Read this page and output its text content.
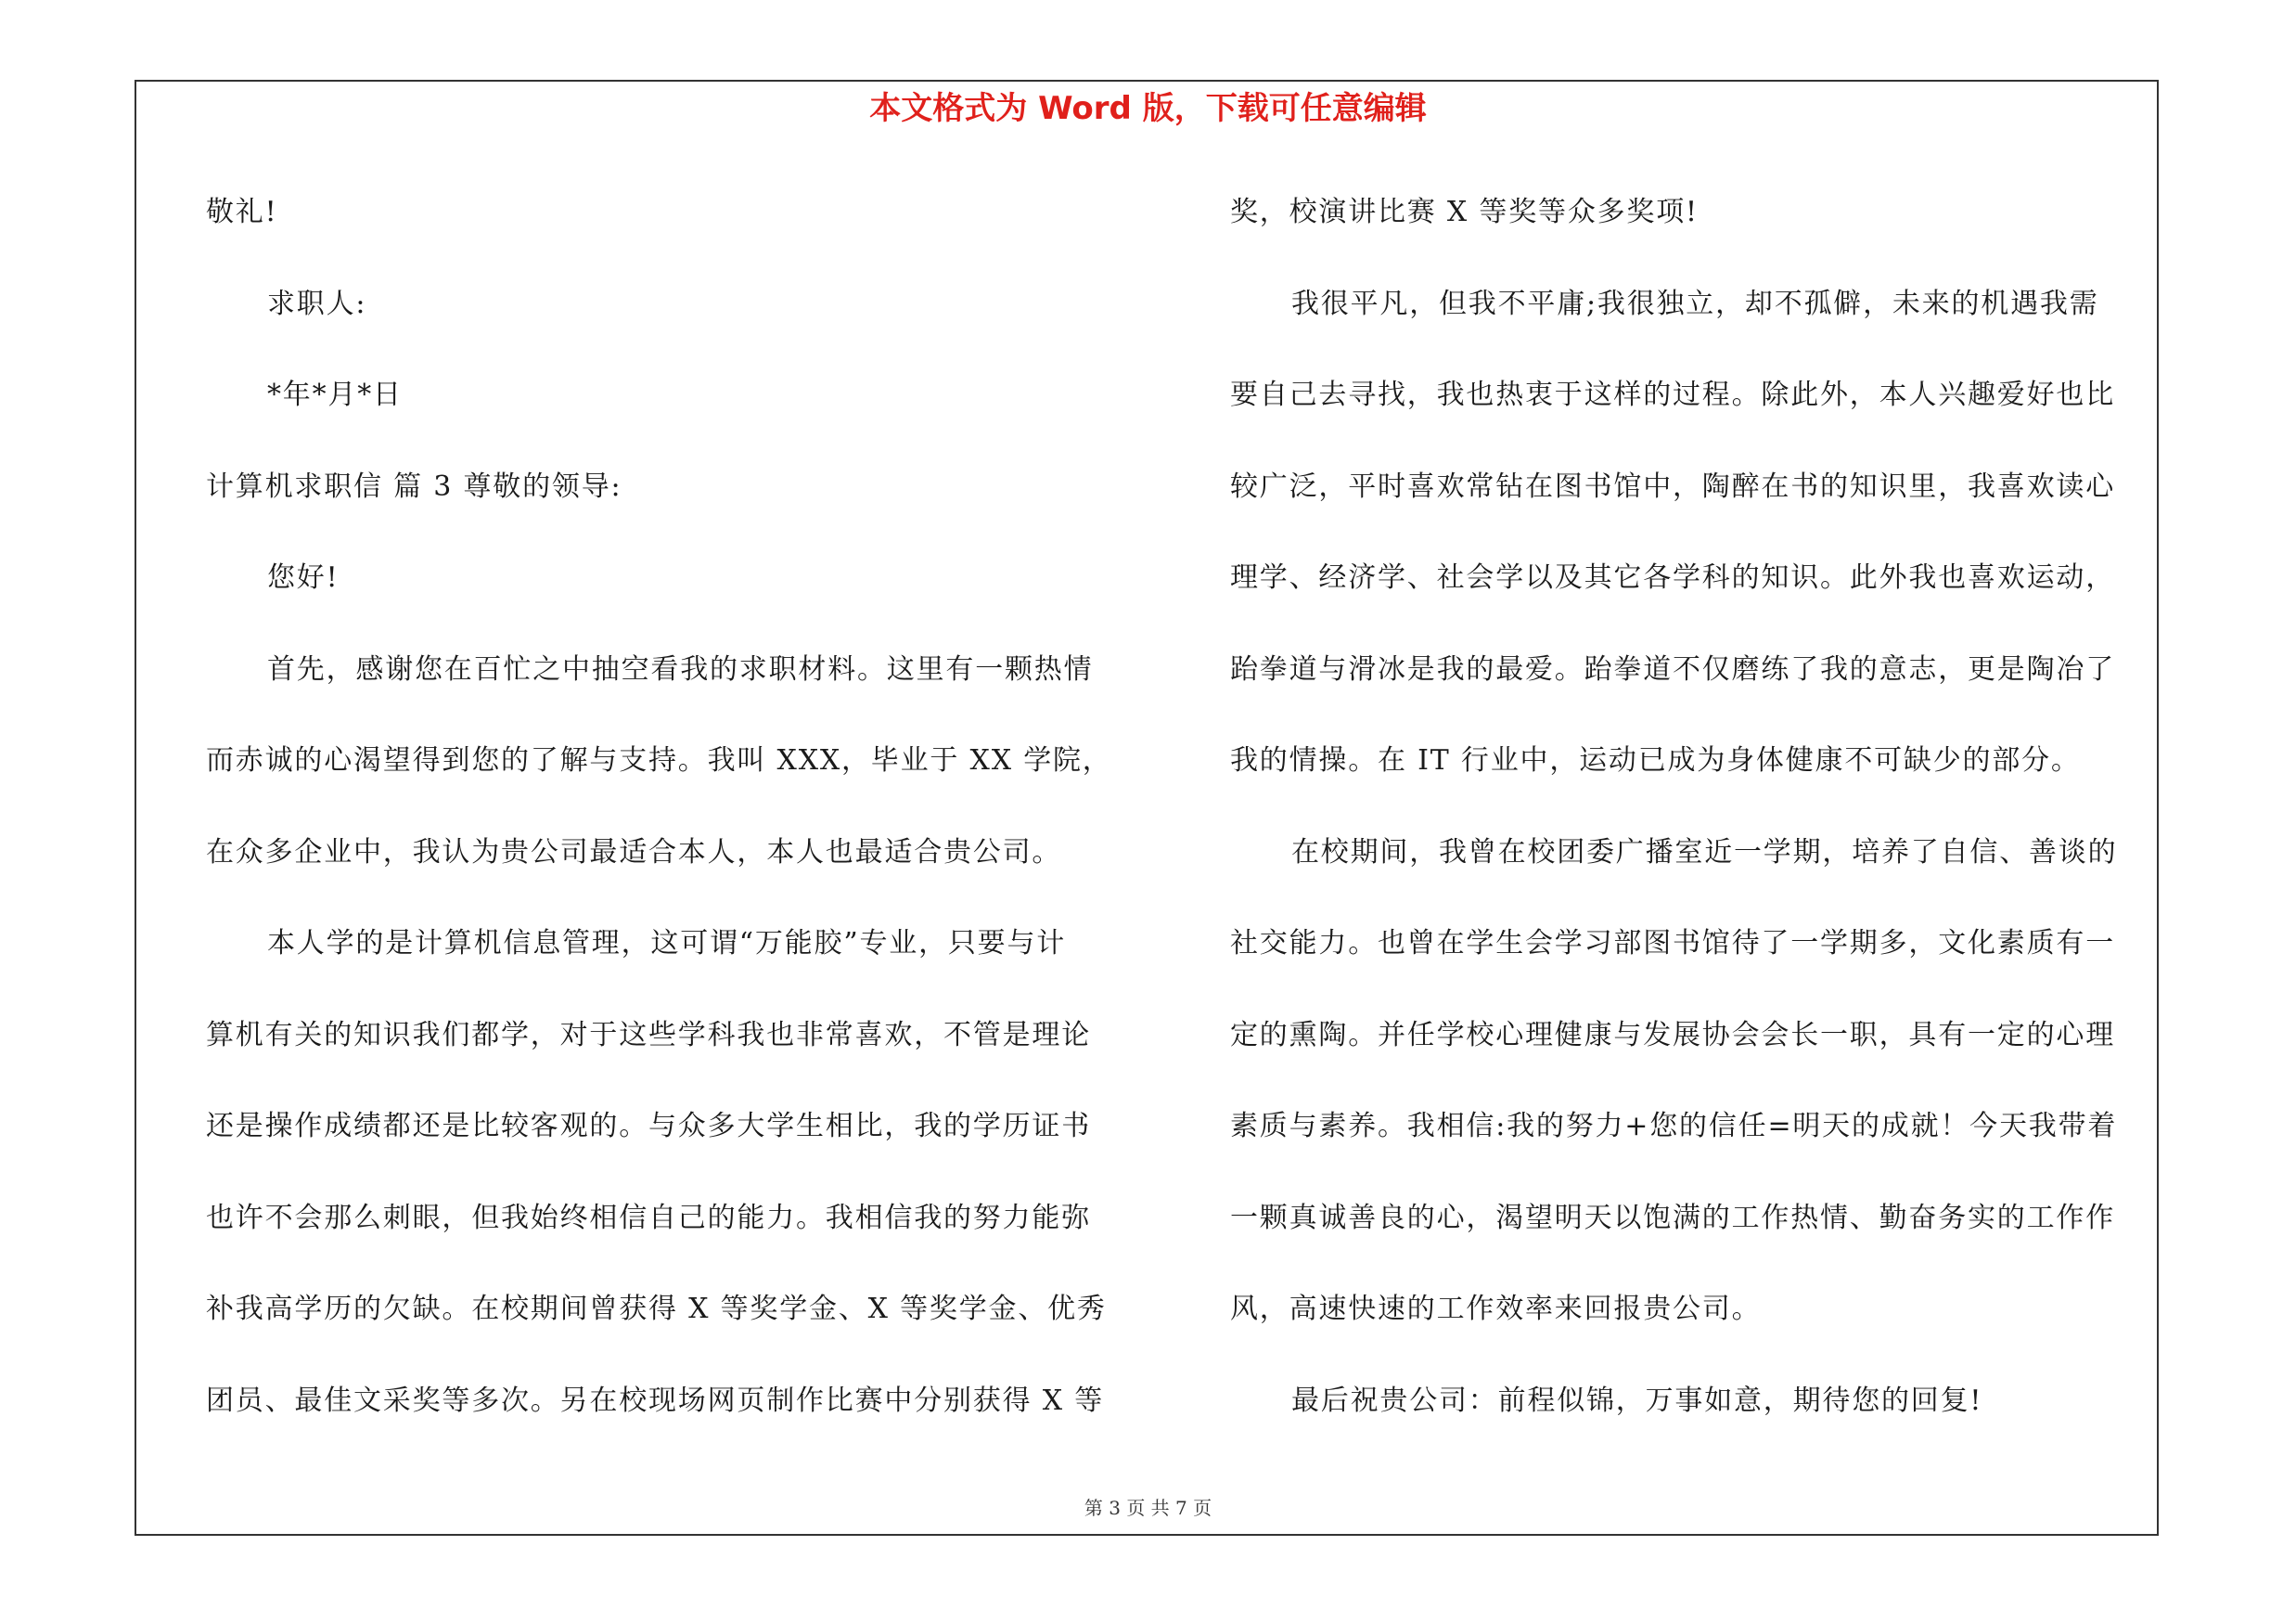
本文格式为 Word 版，下载可任意编辑

敬礼!

求职人:

*年*月*日

计算机求职信 篇 3 尊敬的领导:

您好!

首先，感谢您在百忙之中抽空看我的求职材料。这里有一颗热情

而赤诚的心渴望得到您的了解与支持。我叫 XXX，毕业于 XX 学院，

在众多企业中，我认为贵公司最适合本人，本人也最适合贵公司。

本人学的是计算机信息管理，这可谓“万能胶”专业，只要与计

算机有关的知识我们都学，对于这些学科我也非常喜欢，不管是理论

还是操作成绩都还是比较客观的。与众多大学生相比，我的学历证书

也许不会那么刺眼，但我始终相信自己的能力。我相信我的努力能弥

补我高学历的欠缺。在校期间曾获得 X 等奖学金、X 等奖学金、优秀

团员、最佳文采奖等多次。另在校现场网页制作比赛中分别获得 X 等

奖，校演讲比赛 X 等奖等众多奖项!

我很平凡，但我不平庸;我很独立，却不孤僻，未来的机遇我需

要自己去寻找，我也热衷于这样的过程。除此外，本人兴趣爱好也比

较广泛，平时喜欢常钻在图书馆中，陶醉在书的知识里，我喜欢读心

理学、经济学、社会学以及其它各学科的知识。此外我也喜欢运动，

跆拳道与滑冰是我的最爱。跆拳道不仅磨练了我的意志，更是陶冶了

我的情操。在 IT 行业中，运动已成为身体健康不可缺少的部分。

在校期间，我曾在校团委广播室近一学期，培养了自信、善谈的

社交能力。也曾在学生会学习部图书馆待了一学期多，文化素质有一

定的熏陶。并任学校心理健康与发展协会会长一职，具有一定的心理

素质与素养。我相信:我的努力+您的信任=明天的成就！今天我带着

一颗真诚善良的心，渴望明天以饱满的工作热情、勤奋务实的工作作

风，高速快速的工作效率来回报贵公司。

最后祝贵公司：前程似锦，万事如意，期待您的回复!

第 3 页 共 7 页
